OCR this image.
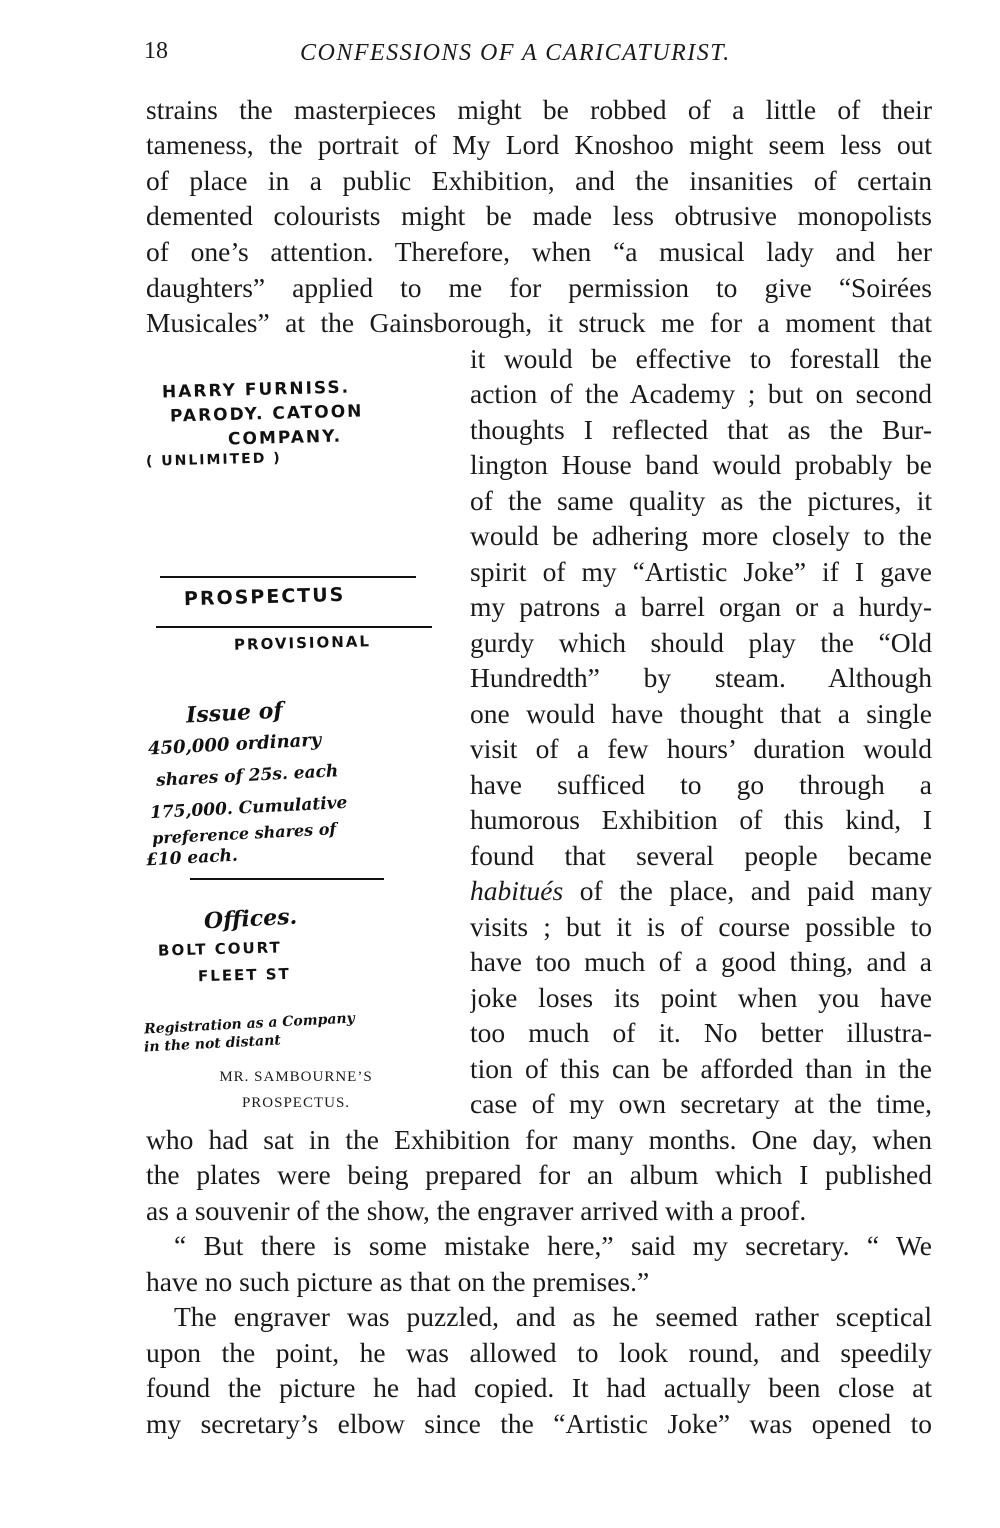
18	CONFESSIONS OF A CARICATURIST.
strains the masterpieces might be robbed of a little of their
tameness, the portrait of My Lord Knoshoo might seem less out
of place in a public Exhibition, and the insanities of certain
demented colourists might be made less obtrusive monopolists
of one’s attention. Therefore, when “a musical lady and her
daughters” applied to me for permission to give “Soirées
Musicales” at the Gainsborough, it struck me for a moment that
it would be effective to forestall the
action of the Academy ; but on second
thoughts I reflected that as the Bur-
lington House band would probably be
of the same quality as the pictures, it
would be adhering more closely to the
spirit of my “Artistic Joke” if I gave
my patrons a barrel organ or a hurdy-
gurdy which should play the “Old
Hundredth” by steam. Although
one would have thought that a single
visit of a few hours’ duration would
have sufficed to go through a
humorous Exhibition of this kind, I
found that several people became
habitués of the place, and paid many
visits ; but it is of course possible to
have too much of a good thing, and a
joke loses its point when you have
too much of it. No better illustra-
tion of this can be afforded than in the
case of my own secretary at the time,
who had sat in the Exhibition for many months. One day, when
the plates were being prepared for an album which I published
as a souvenir of the show, the engraver arrived with a proof.
“ But there is some mistake here,” said my secretary. “ We
have no such picture as that on the premises.”
The engraver was puzzled, and as he seemed rather sceptical
upon the point, he was allowed to look round, and speedily
found the picture he had copied. It had actually been close at
my secretary’s elbow since the “Artistic Joke” was opened to
HARRY FURNISS.
PARODY. CATOON
COMPANY.
( UNLIMITED )
PROSPECTUS
PROVISIONAL
Issue of
450,000 ordinary
shares of 25s. each
175,000. Cumulative
preference shares of
£10 each.
Offices.
BOLT COURT
FLEET ST
Registration as a Company
in the not distant
MR. SAMBOURNE’S
PROSPECTUS.
